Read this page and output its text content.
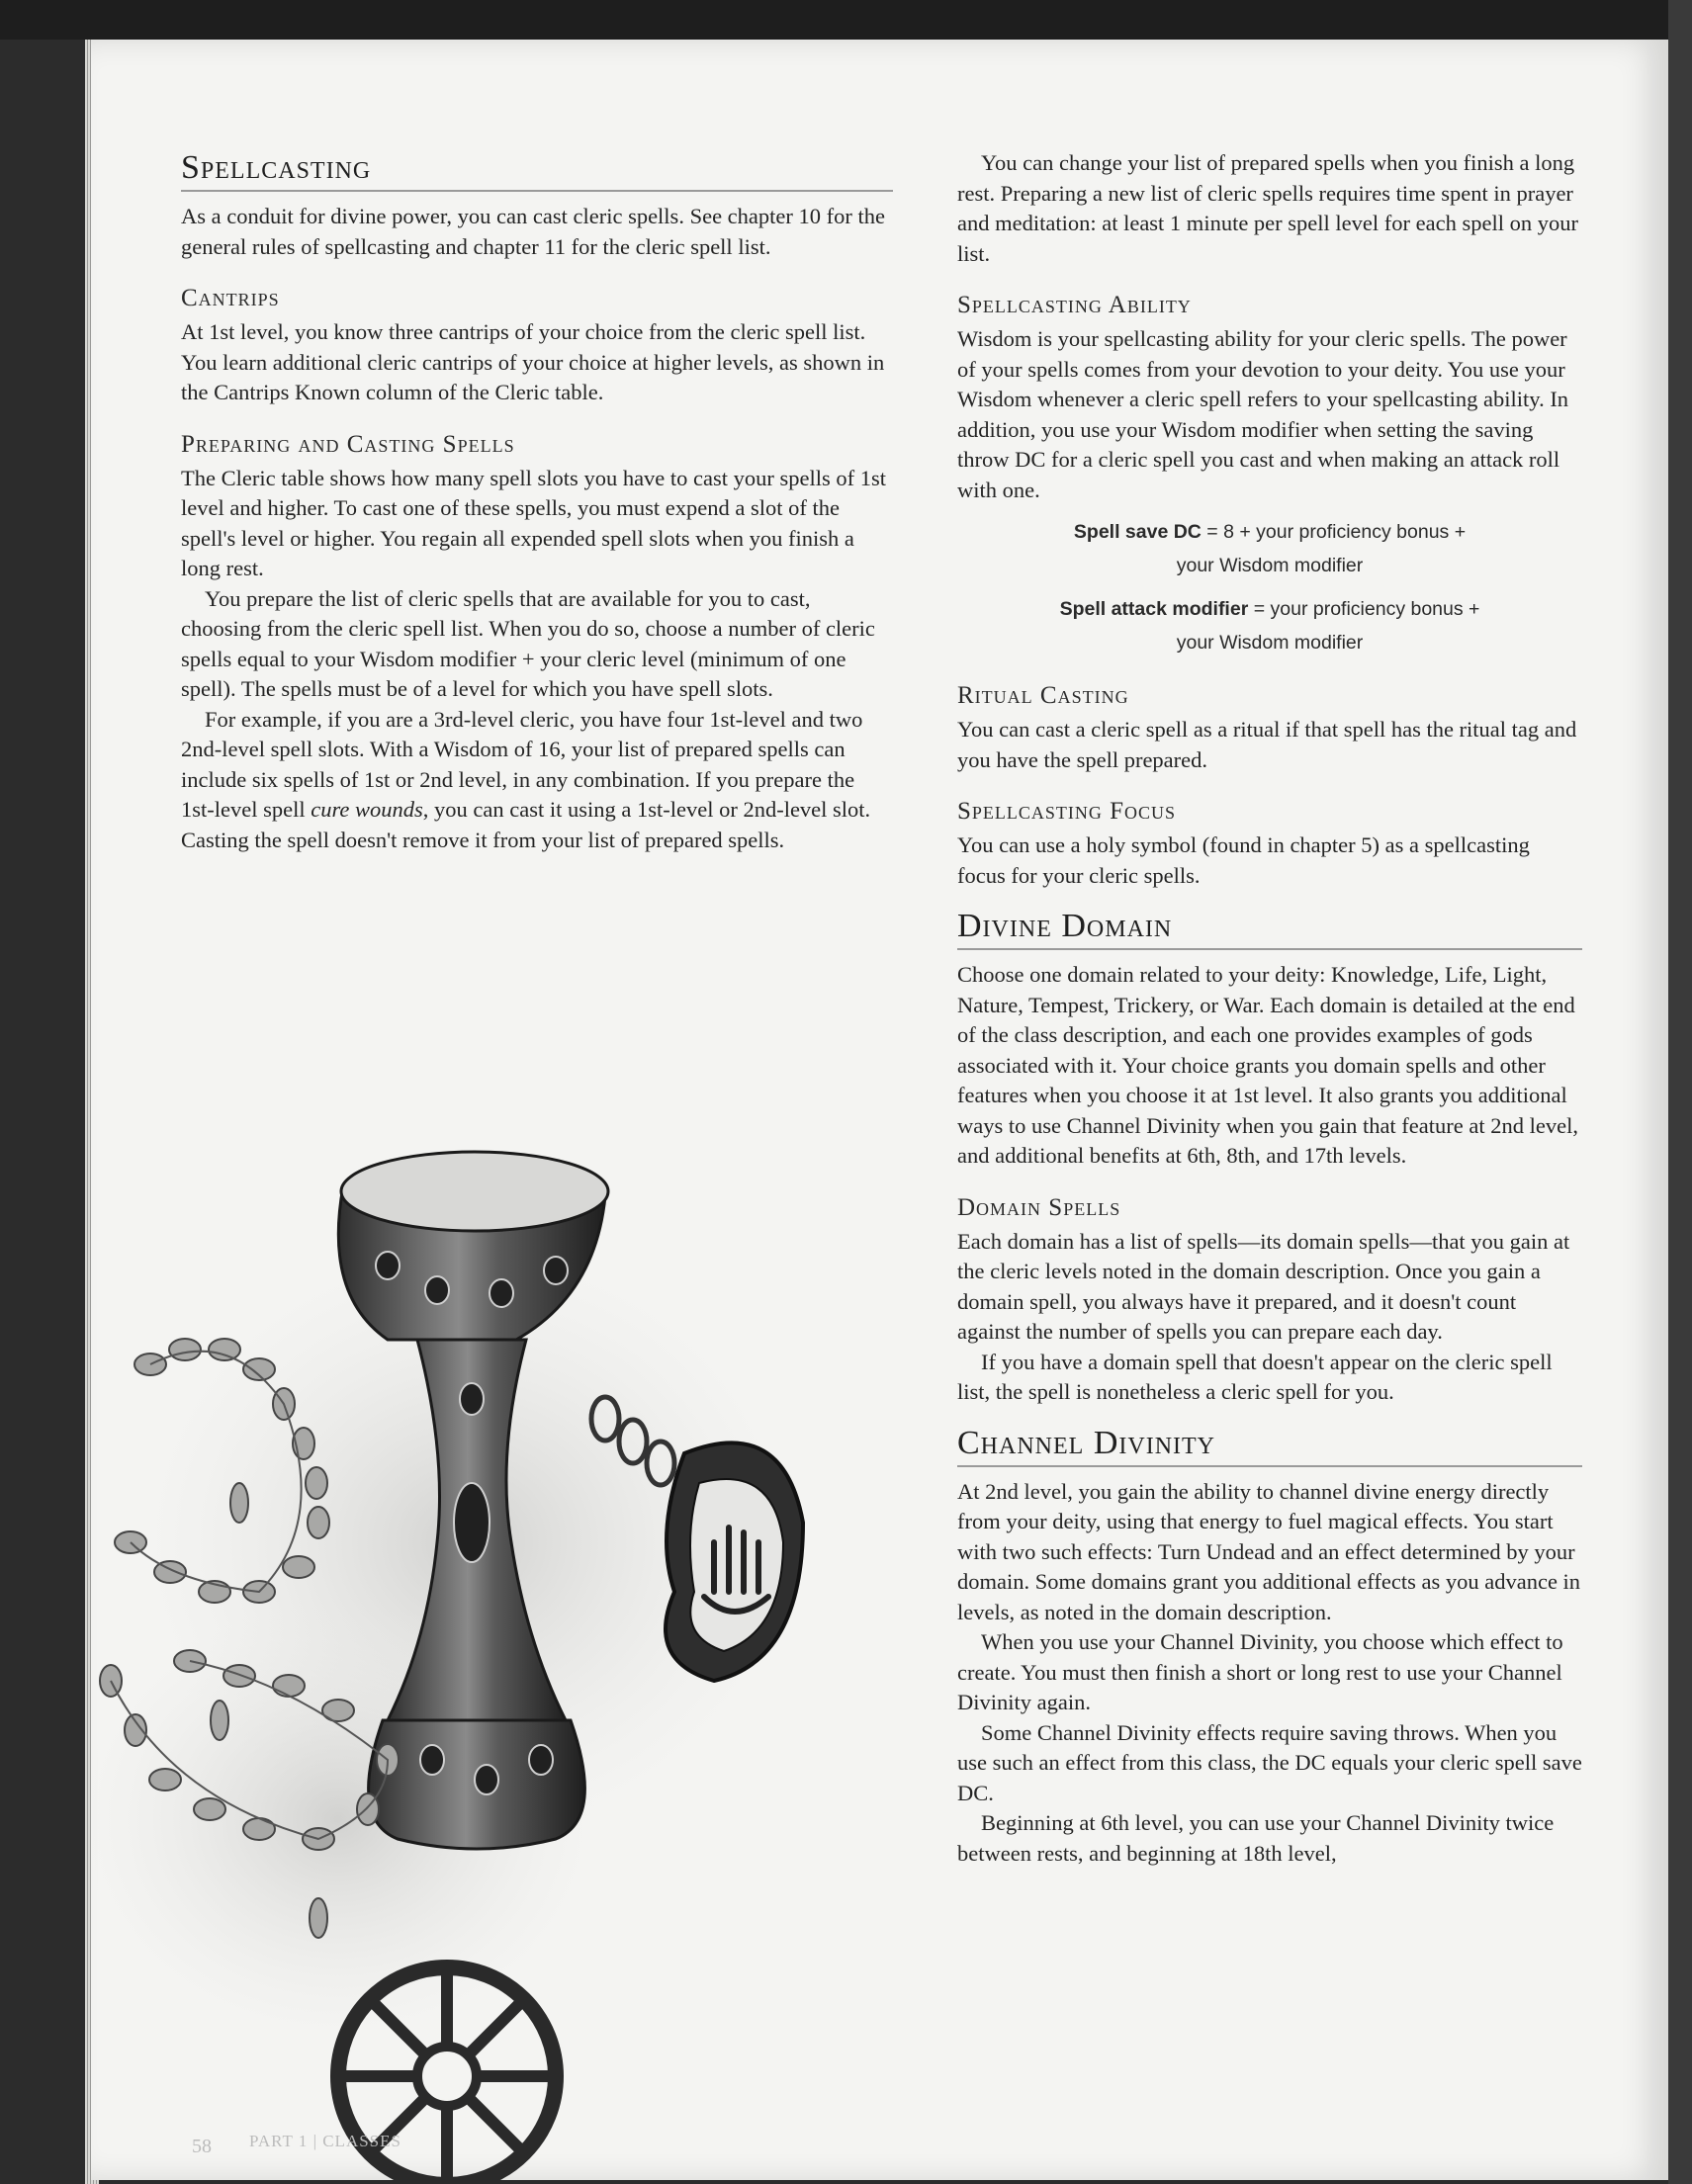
PART 1 | CLASSES
58
Spellcasting

As a conduit for divine power, you can cast cleric spells. See chapter 10 for the general rules of spellcasting and chapter 11 for the cleric spell list.

Cantrips

At 1st level, you know three cantrips of your choice from the cleric spell list. You learn additional cleric cantrips of your choice at higher levels, as shown in the Cantrips Known column of the Cleric table.

Preparing and Casting Spells

The Cleric table shows how many spell slots you have to cast your spells of 1st level and higher. To cast one of these spells, you must expend a slot of the spell's level or higher. You regain all expended spell slots when you finish a long rest.

You prepare the list of cleric spells that are available for you to cast, choosing from the cleric spell list. When you do so, choose a number of cleric spells equal to your Wisdom modifier + your cleric level (minimum of one spell). The spells must be of a level for which you have spell slots.

For example, if you are a 3rd-level cleric, you have four 1st-level and two 2nd-level spell slots. With a Wisdom of 16, your list of prepared spells can include six spells of 1st or 2nd level, in any combination. If you prepare the 1st-level spell cure wounds, you can cast it using a 1st-level or 2nd-level slot. Casting the spell doesn't remove it from your list of prepared spells.

You can change your list of prepared spells when you finish a long rest. Preparing a new list of cleric spells requires time spent in prayer and meditation: at least 1 minute per spell level for each spell on your list.

Spellcasting Ability

Wisdom is your spellcasting ability for your cleric spells. The power of your spells comes from your devotion to your deity. You use your Wisdom whenever a cleric spell refers to your spellcasting ability. In addition, you use your Wisdom modifier when setting the saving throw DC for a cleric spell you cast and when making an attack roll with one.

Spell save DC = 8 + your proficiency bonus +
your Wisdom modifier
Spell attack modifier = your proficiency bonus +
your Wisdom modifier
Ritual Casting

You can cast a cleric spell as a ritual if that spell has the ritual tag and you have the spell prepared.

Spellcasting Focus

You can use a holy symbol (found in chapter 5) as a spellcasting focus for your cleric spells.

Divine Domain

Choose one domain related to your deity: Knowledge, Life, Light, Nature, Tempest, Trickery, or War. Each domain is detailed at the end of the class description, and each one provides examples of gods associated with it. Your choice grants you domain spells and other features when you choose it at 1st level. It also grants you additional ways to use Channel Divinity when you gain that feature at 2nd level, and additional benefits at 6th, 8th, and 17th levels.

Domain Spells

Each domain has a list of spells—its domain spells—that you gain at the cleric levels noted in the domain description. Once you gain a domain spell, you always have it prepared, and it doesn't count against the number of spells you can prepare each day.

If you have a domain spell that doesn't appear on the cleric spell list, the spell is nonetheless a cleric spell for you.

Channel Divinity

At 2nd level, you gain the ability to channel divine energy directly from your deity, using that energy to fuel magical effects. You start with two such effects: Turn Undead and an effect determined by your domain. Some domains grant you additional effects as you advance in levels, as noted in the domain description.

When you use your Channel Divinity, you choose which effect to create. You must then finish a short or long rest to use your Channel Divinity again.

Some Channel Divinity effects require saving throws. When you use such an effect from this class, the DC equals your cleric spell save DC.

Beginning at 6th level, you can use your Channel Divinity twice between rests, and beginning at 18th level,
